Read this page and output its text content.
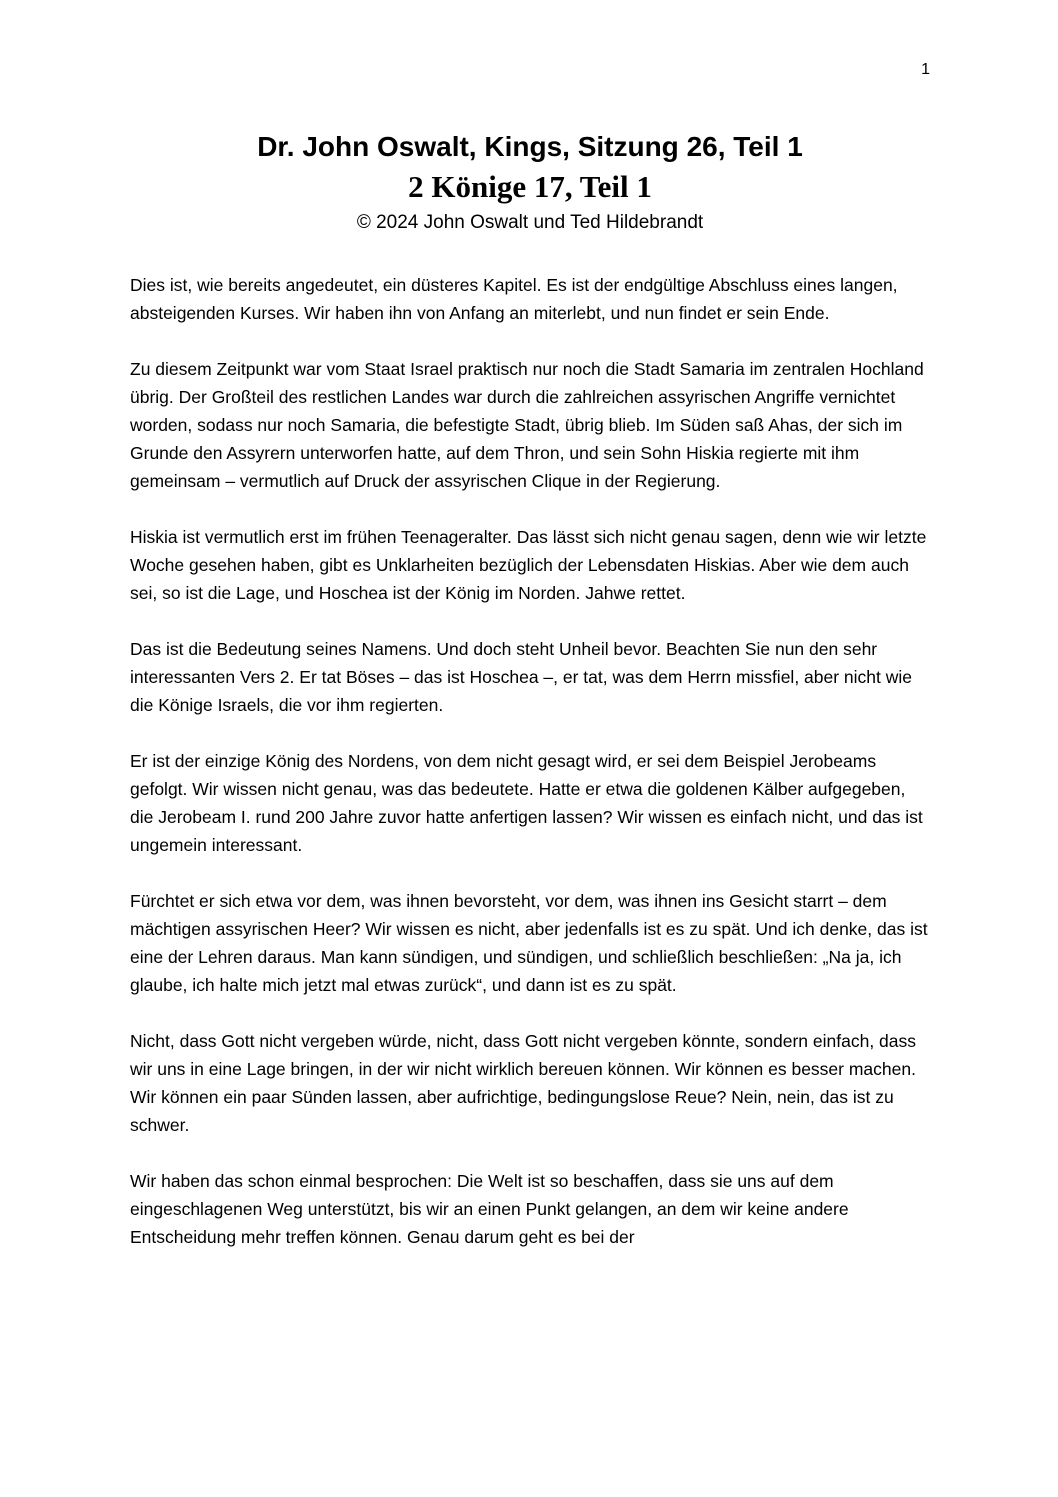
1
Dr. John Oswalt, Kings, Sitzung 26, Teil 1
2 Könige 17, Teil 1
© 2024 John Oswalt und Ted Hildebrandt

Dies ist, wie bereits angedeutet, ein düsteres Kapitel. Es ist der endgültige Abschluss eines langen, absteigenden Kurses. Wir haben ihn von Anfang an miterlebt, und nun findet er sein Ende.

Zu diesem Zeitpunkt war vom Staat Israel praktisch nur noch die Stadt Samaria im zentralen Hochland übrig. Der Großteil des restlichen Landes war durch die zahlreichen assyrischen Angriffe vernichtet worden, sodass nur noch Samaria, die befestigte Stadt, übrig blieb. Im Süden saß Ahas, der sich im Grunde den Assyrern unterworfen hatte, auf dem Thron, und sein Sohn Hiskia regierte mit ihm gemeinsam – vermutlich auf Druck der assyrischen Clique in der Regierung.

Hiskia ist vermutlich erst im frühen Teenageralter. Das lässt sich nicht genau sagen, denn wie wir letzte Woche gesehen haben, gibt es Unklarheiten bezüglich der Lebensdaten Hiskias. Aber wie dem auch sei, so ist die Lage, und Hoschea ist der König im Norden. Jahwe rettet.

Das ist die Bedeutung seines Namens. Und doch steht Unheil bevor. Beachten Sie nun den sehr interessanten Vers 2. Er tat Böses – das ist Hoschea –, er tat, was dem Herrn missfiel, aber nicht wie die Könige Israels, die vor ihm regierten.

Er ist der einzige König des Nordens, von dem nicht gesagt wird, er sei dem Beispiel Jerobeams gefolgt. Wir wissen nicht genau, was das bedeutete. Hatte er etwa die goldenen Kälber aufgegeben, die Jerobeam I. rund 200 Jahre zuvor hatte anfertigen lassen? Wir wissen es einfach nicht, und das ist ungemein interessant.

Fürchtet er sich etwa vor dem, was ihnen bevorsteht, vor dem, was ihnen ins Gesicht starrt – dem mächtigen assyrischen Heer? Wir wissen es nicht, aber jedenfalls ist es zu spät. Und ich denke, das ist eine der Lehren daraus. Man kann sündigen, und sündigen, und schließlich beschließen: „Na ja, ich glaube, ich halte mich jetzt mal etwas zurück“, und dann ist es zu spät.

Nicht, dass Gott nicht vergeben würde, nicht, dass Gott nicht vergeben könnte, sondern einfach, dass wir uns in eine Lage bringen, in der wir nicht wirklich bereuen können. Wir können es besser machen. Wir können ein paar Sünden lassen, aber aufrichtige, bedingungslose Reue? Nein, nein, das ist zu schwer.

Wir haben das schon einmal besprochen: Die Welt ist so beschaffen, dass sie uns auf dem eingeschlagenen Weg unterstützt, bis wir an einen Punkt gelangen, an dem wir keine andere Entscheidung mehr treffen können. Genau darum geht es bei der
